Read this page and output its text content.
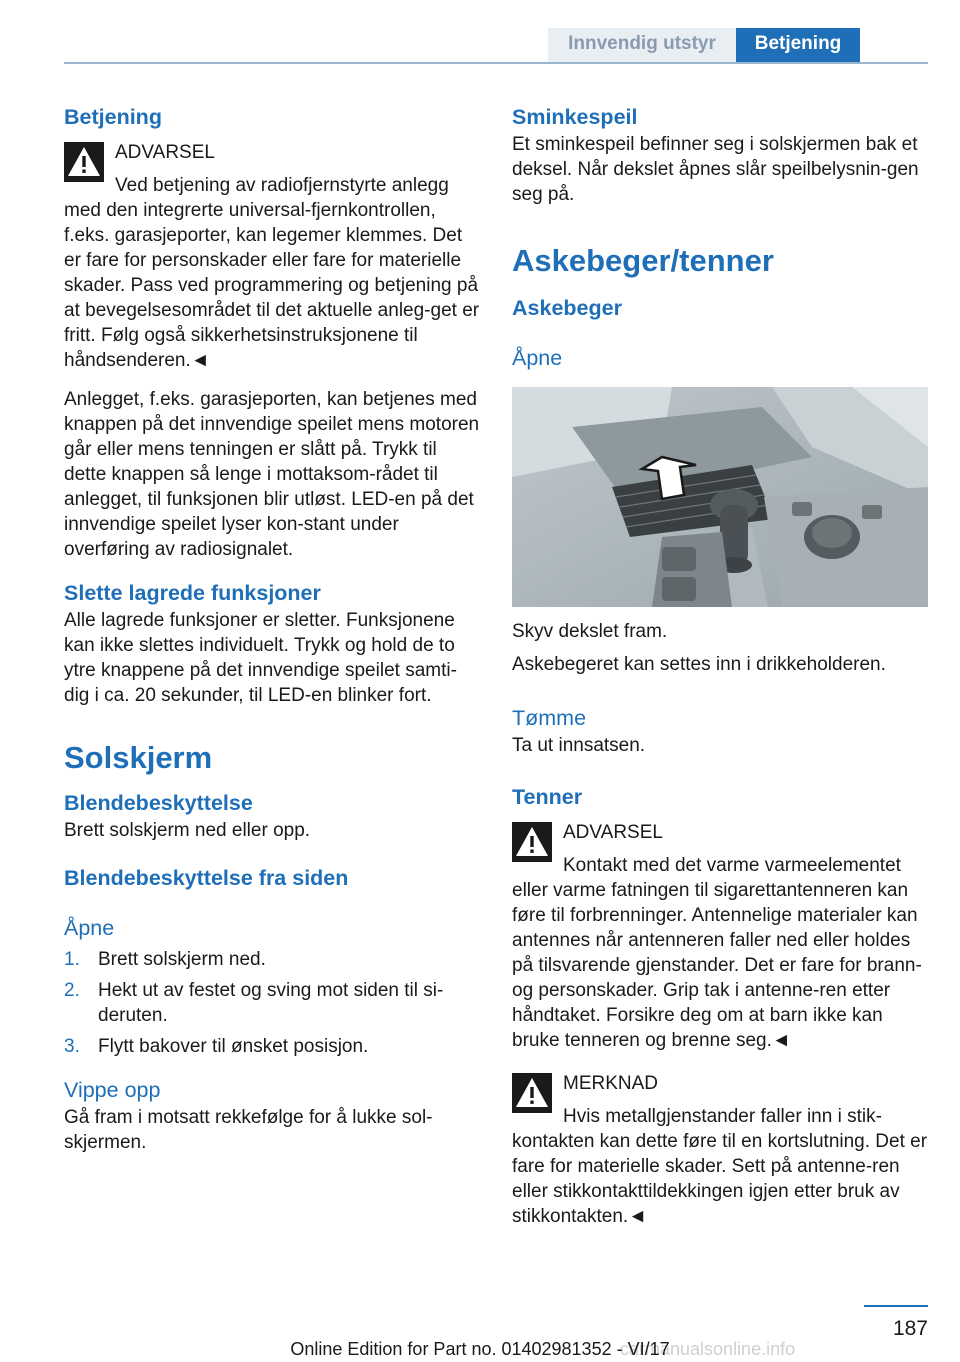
Innvendig utstyr	Betjening
Betjening
ADVARSEL
Ved betjening av radiofjernstyrte anlegg

med den integrerte universal-fjernkontrollen, f.eks. garasjeporter, kan legemer klemmes. Det er fare for personskader eller fare for materielle skader. Pass ved programmering og betjening på at bevegelsesområdet til det aktuelle anleg‐get er fritt. Følg også sikkerhetsinstruksjonene til håndsenderen.◄

Anlegget, f.eks. garasjeporten, kan betjenes med knappen på det innvendige speilet mens motoren går eller mens tenningen er slått på. Trykk til dette knappen så lenge i mottaksom‐rådet til anlegget, til funksjonen blir utløst. LED-en på det innvendige speilet lyser kon‐stant under overføring av radiosignalet.

Slette lagrede funksjoner

Alle lagrede funksjoner er sletter. Funksjonene kan ikke slettes individuelt. Trykk og hold de to ytre knappene på det innvendige speilet samti‐dig i ca. 20 sekunder, til LED-en blinker fort.

Solskjerm
Blendebeskyttelse

Brett solskjerm ned eller opp.

Blendebeskyttelse fra siden
Åpne
1. Brett solskjerm ned.
2. Hekt ut av festet og sving mot siden til si‐deruten.
3. Flytt bakover til ønsket posisjon.
Vippe opp

Gå fram i motsatt rekkefølge for å lukke sol‐skjermen.

Sminkespeil

Et sminkespeil befinner seg i solskjermen bak et deksel. Når dekslet åpnes slår speilbelysnin‐gen seg på.

Askebeger/tenner
Askebeger
Åpne

Skyv dekslet fram.

Askebegeret kan settes inn i drikkeholderen.

Tømme

Ta ut innsatsen.

Tenner
ADVARSEL
Kontakt med det varme varmeelementet

eller varme fatningen til sigarettantenneren kan føre til forbrenninger. Antennelige materialer kan antennes når antenneren faller ned eller holdes på tilsvarende gjenstander. Det er fare for brann- og personskader. Grip tak i antenne‐ren etter håndtaket. Forsikre deg om at barn ikke kan bruke tenneren og brenne seg.◄

MERKNAD
Hvis metallgjenstander faller inn i stik‐

kontakten kan dette føre til en kortslutning. Det er fare for materielle skader. Sett på antenne‐ren eller stikkontakttildekkingen igjen etter bruk av stikkontakten.◄

187
carmanualsonline.info
Online Edition for Part no. 01402981352 - VI/17
